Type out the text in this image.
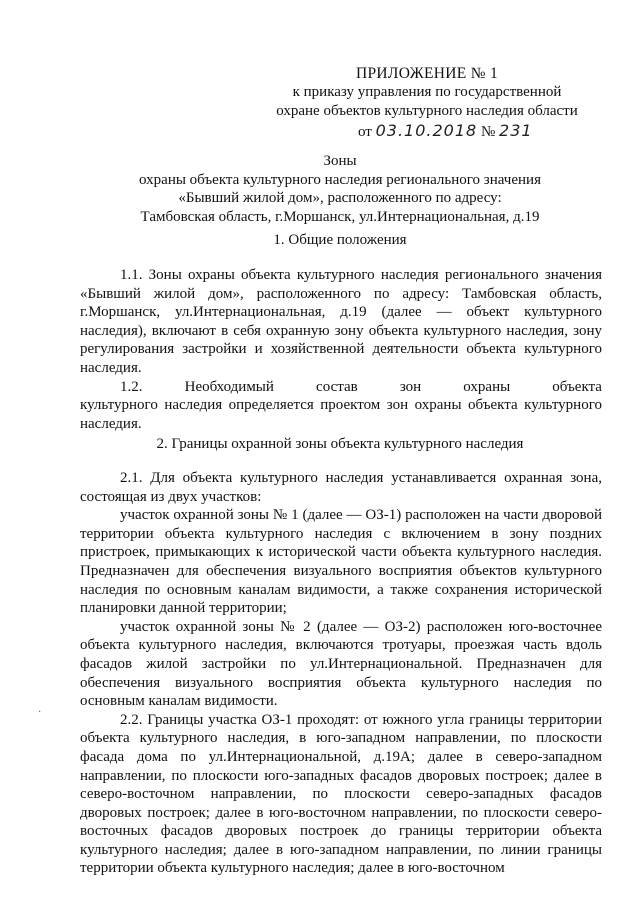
ПРИЛОЖЕНИЕ № 1
к приказу управления по государственной
охране объектов культурного наследия области
от 03.10.2018 № 231
Зоны
охраны объекта культурного наследия регионального значения
«Бывший жилой дом», расположенного по адресу:
Тамбовская область, г.Моршанск, ул.Интернациональная, д.19
1. Общие положения

1.1. Зоны охраны объекта культурного наследия регионального значения «Бывший жилой дом», расположенного по адресу: Тамбовская область, г.Моршанск, ул.Интернациональная, д.19 (далее — объект культурного наследия), включают в себя охранную зону объекта культурного наследия, зону регулирования застройки и хозяйственной деятельности объекта культурного наследия.

1.2.	Необходимый	состав	зон	охраны	объекта

культурного наследия определяется проектом зон охраны объекта культурного наследия.

2. Границы охранной зоны объекта культурного наследия

2.1. Для объекта культурного наследия устанавливается охранная зона, состоящая из двух участков:

участок охранной зоны № 1 (далее — ОЗ-1) расположен на части дворовой территории объекта культурного наследия с включением в зону поздних пристроек, примыкающих к исторической части объекта культурного наследия. Предназначен для обеспечения визуального восприятия объектов культурного наследия по основным каналам видимости, а также сохранения исторической планировки данной территории;

участок охранной зоны № 2 (далее — ОЗ-2) расположен юго-восточнее объекта культурного наследия, включаются тротуары, проезжая часть вдоль фасадов жилой застройки по ул.Интернациональной. Предназначен для обеспечения визуального восприятия объекта культурного наследия по основным каналам видимости.

2.2. Границы участка ОЗ-1 проходят: от южного угла границы территории объекта культурного наследия, в юго-западном направлении, по плоскости фасада дома по ул.Интернациональной, д.19А; далее в северо-западном направлении, по плоскости юго-западных фасадов дворовых построек; далее в северо-восточном направлении, по плоскости северо-западных фасадов дворовых построек; далее в юго-восточном направлении, по плоскости северо-восточных фасадов дворовых построек до границы территории объекта культурного наследия; далее в юго-западном направлении, по линии границы территории объекта культурного наследия; далее в юго-восточном

·
